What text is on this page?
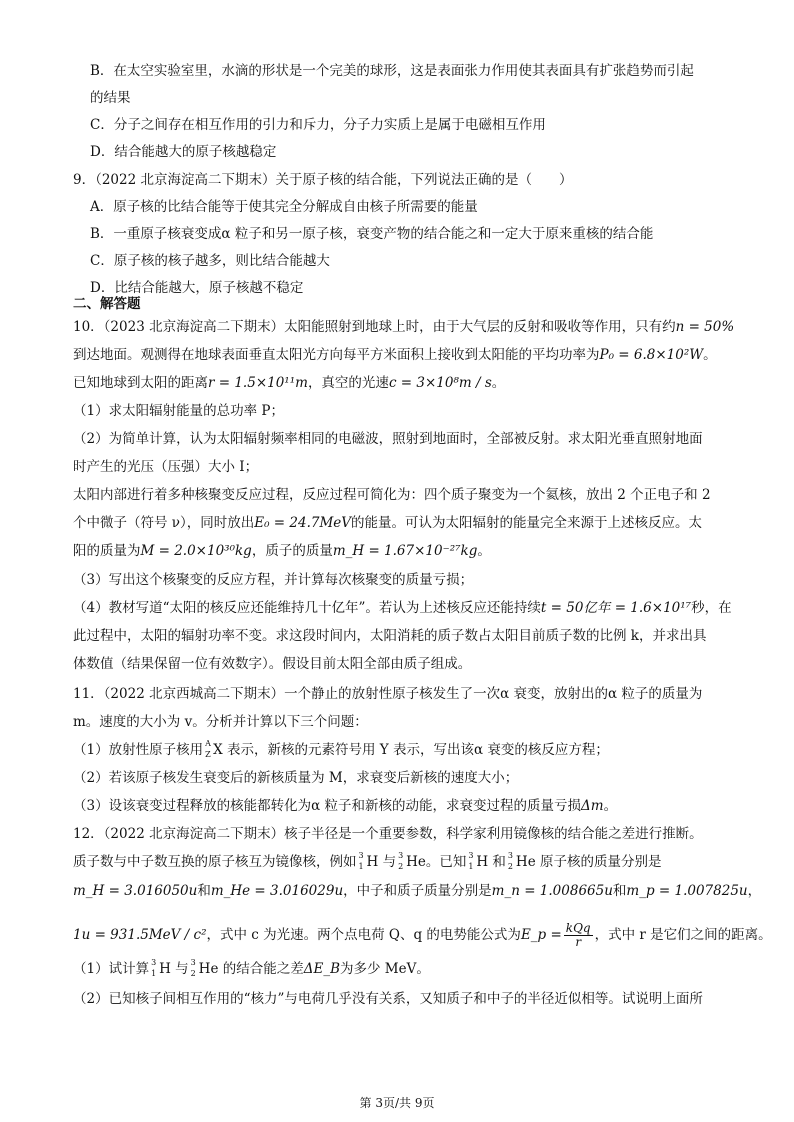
B．在太空实验室里，水滴的形状是一个完美的球形，这是表面张力作用使其表面具有扩张趋势而引起
的结果
C．分子之间存在相互作用的引力和斥力，分子力实质上是属于电磁相互作用
D．结合能越大的原子核越稳定
9．（2022 北京海淀高二下期末）关于原子核的结合能，下列说法正确的是（　　）
A．原子核的比结合能等于使其完全分解成自由核子所需要的能量
B．一重原子核衰变成α 粒子和另一原子核，衰变产物的结合能之和一定大于原来重核的结合能
C．原子核的核子越多，则比结合能越大
D．比结合能越大，原子核越不稳定
二、解答题
10．（2023 北京海淀高二下期末）太阳能照射到地球上时，由于大气层的反射和吸收等作用，只有约n = 50%
到达地面。观测得在地球表面垂直太阳光方向每平方米面积上接收到太阳能的平均功率为P₀ = 6.8×10²W。
已知地球到太阳的距离r = 1.5×10¹¹m，真空的光速c = 3×10⁸m / s。
（1）求太阳辐射能量的总功率 P；
（2）为简单计算，认为太阳辐射频率相同的电磁波，照射到地面时，全部被反射。求太阳光垂直照射地面
时产生的光压（压强）大小 I；
太阳内部进行着多种核聚变反应过程，反应过程可简化为：四个质子聚变为一个氦核，放出 2 个正电子和 2
个中微子（符号 ν），同时放出E₀ = 24.7MeV的能量。可认为太阳辐射的能量完全来源于上述核反应。太
阳的质量为M = 2.0×10³⁰kg，质子的质量m_H = 1.67×10⁻²⁷kg。
（3）写出这个核聚变的反应方程，并计算每次核聚变的质量亏损；
（4）教材写道“太阳的核反应还能维持几十亿年”。若认为上述核反应还能持续t = 50亿年 = 1.6×10¹⁷秒，在
此过程中，太阳的辐射功率不变。求这段时间内，太阳消耗的质子数占太阳目前质子数的比例 k，并求出具
体数值（结果保留一位有效数字）。假设目前太阳全部由质子组成。
11．（2022 北京西城高二下期末）一个静止的放射性原子核发生了一次α 衰变，放射出的α 粒子的质量为
m。速度的大小为 v。分析并计算以下三个问题：
（1）放射性原子核用 A
Z X 表示，新核的元素符号用 Y 表示，写出该α 衰变的核反应方程；
（2）若该原子核发生衰变后的新核质量为 M，求衰变后新核的速度大小；
（3）设该衰变过程释放的核能都转化为α 粒子和新核的动能，求衰变过程的质量亏损Δm。
12．（2022 北京海淀高二下期末）核子半径是一个重要参数，科学家利用镜像核的结合能之差进行推断。
质子数与中子数互换的原子核互为镜像核，例如 3
1 H 与 3
2 He。已知 3
1 H 和 3
2 He 原子核的质量分别是
m_H = 3.016050u和m_He = 3.016029u，中子和质子质量分别是m_n = 1.008665u和m_p = 1.007825u，
1u = 931.5MeV / c²，式中 c 为光速。两个点电荷 Q、q 的电势能公式为E_p = $\frac{\text{kQq}}{r}$ ，式中 r 是它们之间的距离。
（1）试计算 3
1 H 与 3
2 He 的结合能之差ΔE_B为多少 MeV。
（2）已知核子间相互作用的“核力”与电荷几乎没有关系，又知质子和中子的半径近似相等。试说明上面所
第 3页/共 9页
